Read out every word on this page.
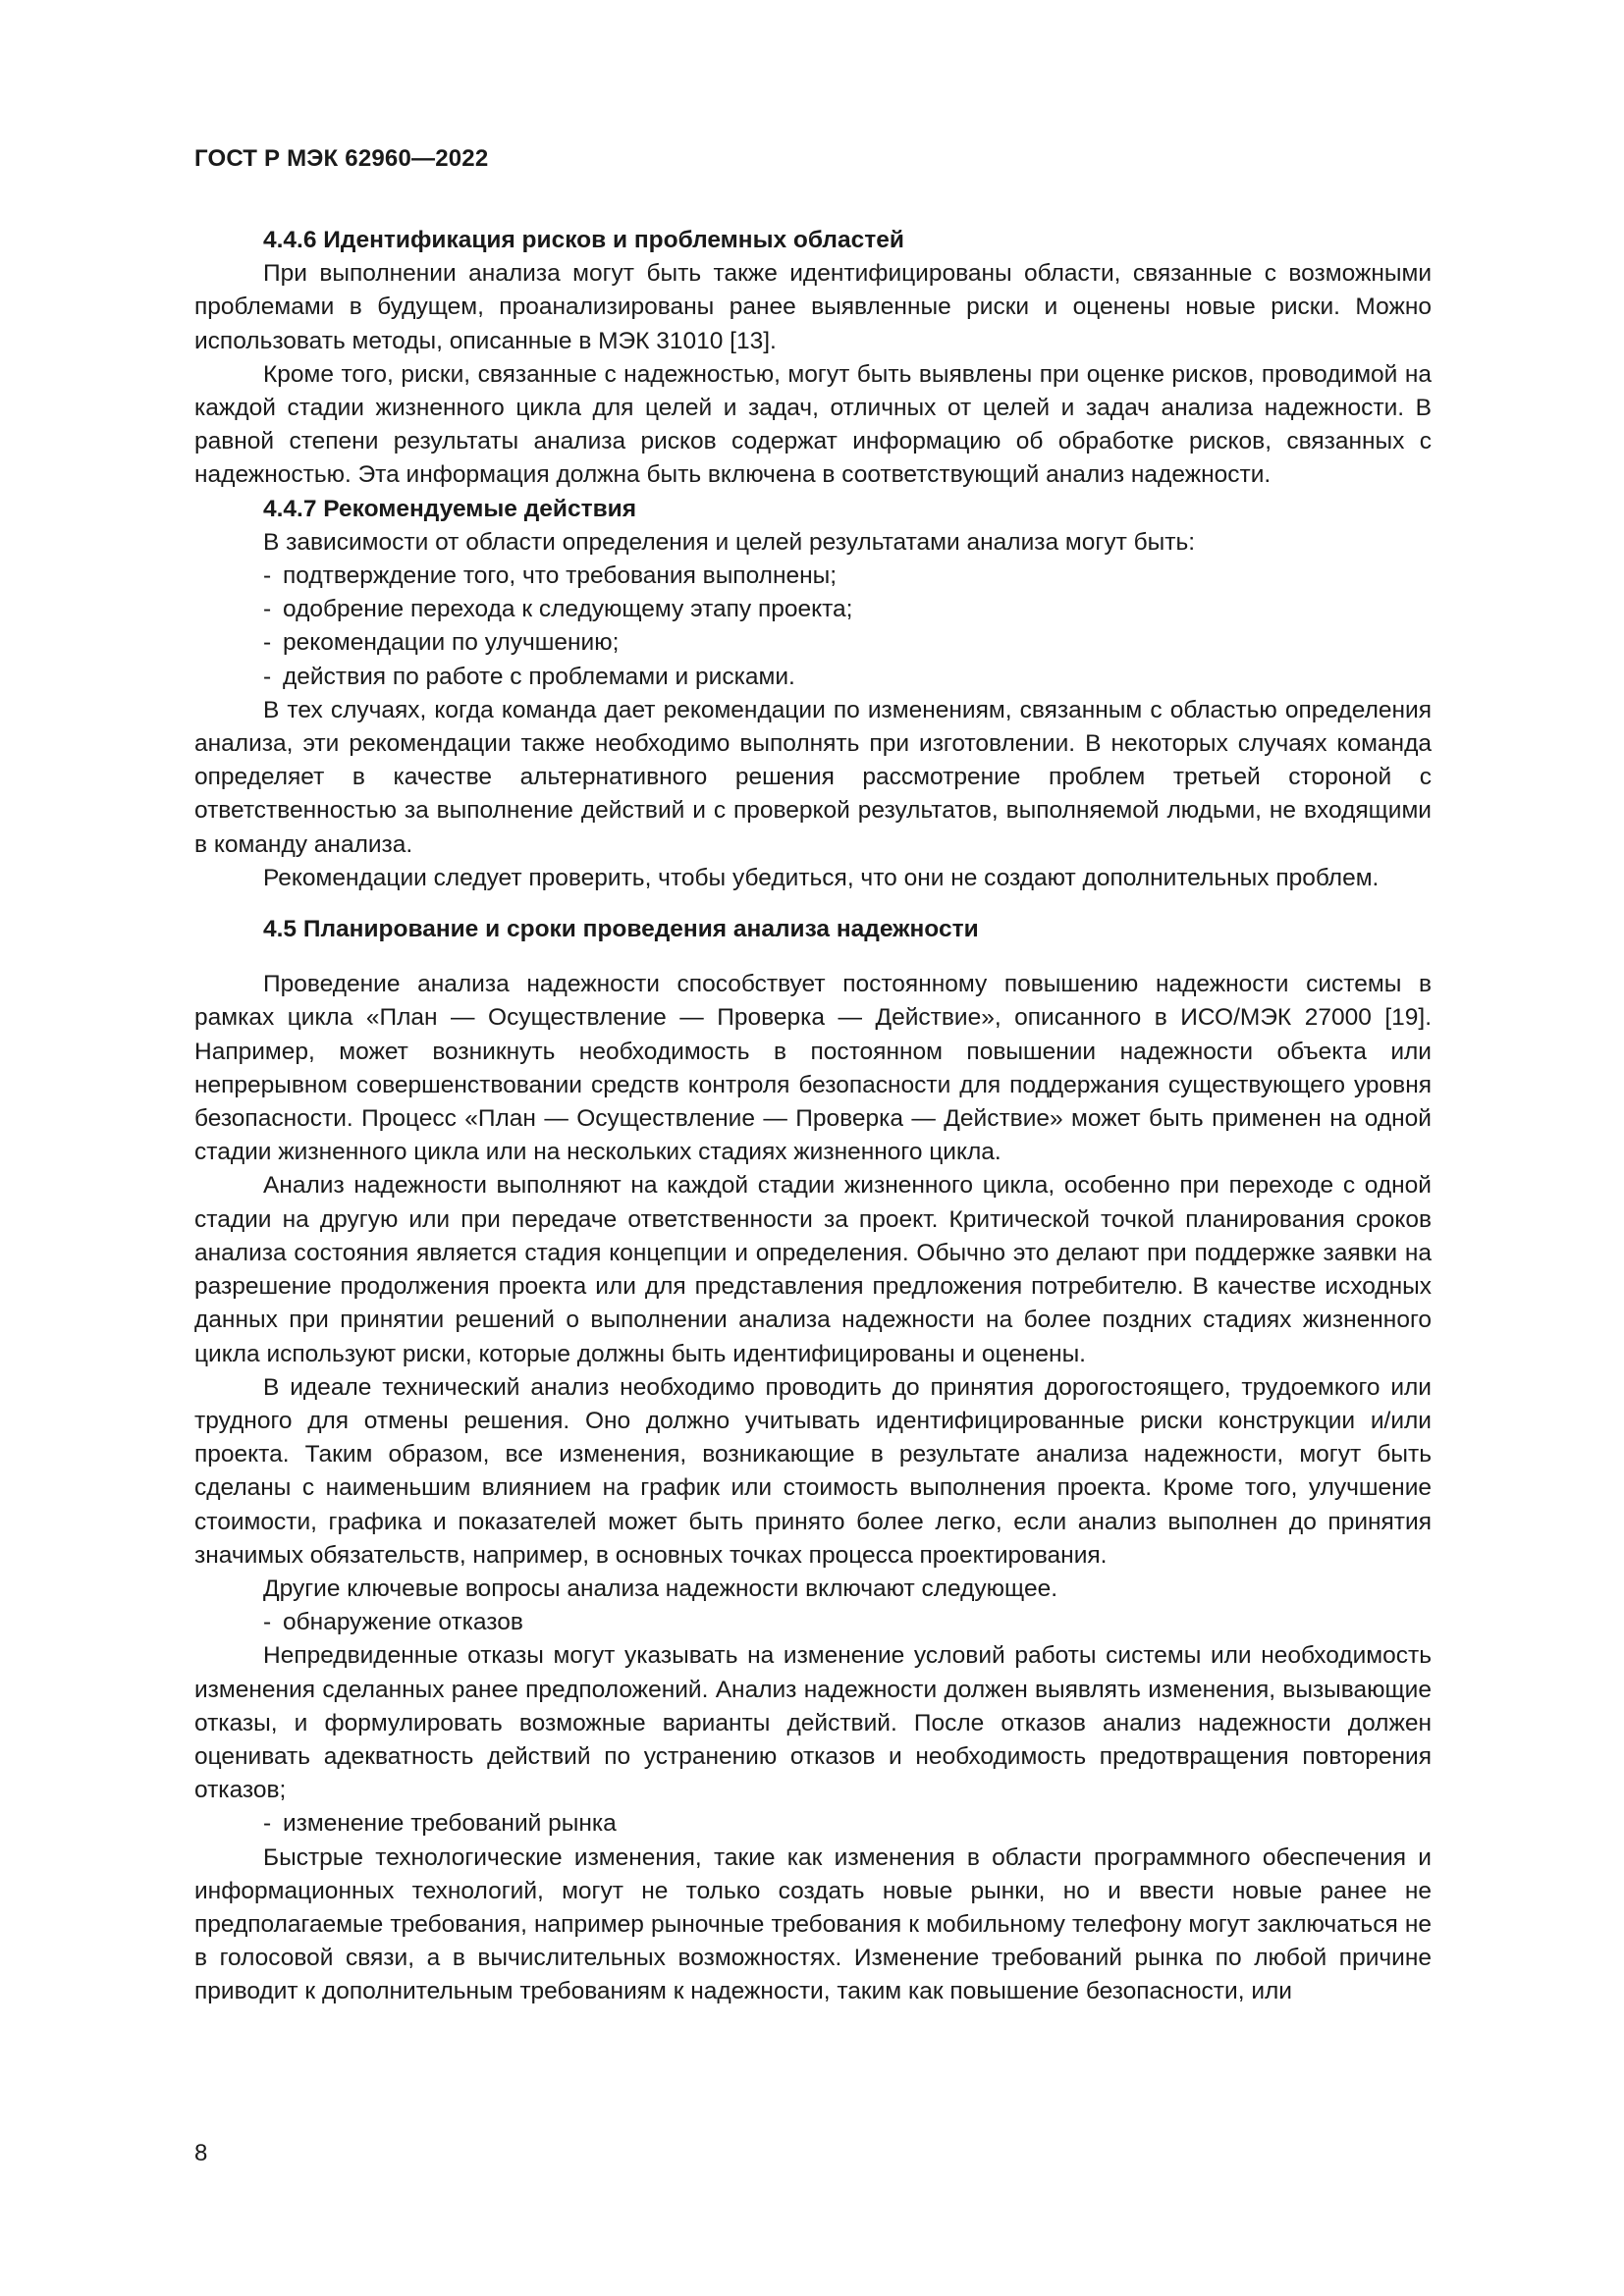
ГОСТ Р МЭК 62960—2022

4.4.6 Идентификация рисков и проблемных областей

При выполнении анализа могут быть также идентифицированы области, связанные с возможными проблемами в будущем, проанализированы ранее выявленные риски и оценены новые риски. Можно использовать методы, описанные в МЭК 31010 [13].

Кроме того, риски, связанные с надежностью, могут быть выявлены при оценке рисков, проводимой на каждой стадии жизненного цикла для целей и задач, отличных от целей и задач анализа надежности. В равной степени результаты анализа рисков содержат информацию об обработке рисков, связанных с надежностью. Эта информация должна быть включена в соответствующий анализ надежности.

4.4.7 Рекомендуемые действия

В зависимости от области определения и целей результатами анализа могут быть:

- подтверждение того, что требования выполнены;

- одобрение перехода к следующему этапу проекта;

- рекомендации по улучшению;

- действия по работе с проблемами и рисками.

В тех случаях, когда команда дает рекомендации по изменениям, связанным с областью определения анализа, эти рекомендации также необходимо выполнять при изготовлении. В некоторых случаях команда определяет в качестве альтернативного решения рассмотрение проблем третьей стороной с ответственностью за выполнение действий и с проверкой результатов, выполняемой людьми, не входящими в команду анализа.

Рекомендации следует проверить, чтобы убедиться, что они не создают дополнительных проблем.

4.5 Планирование и сроки проведения анализа надежности

Проведение анализа надежности способствует постоянному повышению надежности системы в рамках цикла «План — Осуществление — Проверка — Действие», описанного в ИСО/МЭК 27000 [19]. Например, может возникнуть необходимость в постоянном повышении надежности объекта или непрерывном совершенствовании средств контроля безопасности для поддержания существующего уровня безопасности. Процесс «План — Осуществление — Проверка — Действие» может быть применен на одной стадии жизненного цикла или на нескольких стадиях жизненного цикла.

Анализ надежности выполняют на каждой стадии жизненного цикла, особенно при переходе с одной стадии на другую или при передаче ответственности за проект. Критической точкой планирования сроков анализа состояния является стадия концепции и определения. Обычно это делают при поддержке заявки на разрешение продолжения проекта или для представления предложения потребителю. В качестве исходных данных при принятии решений о выполнении анализа надежности на более поздних стадиях жизненного цикла используют риски, которые должны быть идентифицированы и оценены.

В идеале технический анализ необходимо проводить до принятия дорогостоящего, трудоемкого или трудного для отмены решения. Оно должно учитывать идентифицированные риски конструкции и/или проекта. Таким образом, все изменения, возникающие в результате анализа надежности, могут быть сделаны с наименьшим влиянием на график или стоимость выполнения проекта. Кроме того, улучшение стоимости, графика и показателей может быть принято более легко, если анализ выполнен до принятия значимых обязательств, например, в основных точках процесса проектирования.

Другие ключевые вопросы анализа надежности включают следующее.

- обнаружение отказов

Непредвиденные отказы могут указывать на изменение условий работы системы или необходимость изменения сделанных ранее предположений. Анализ надежности должен выявлять изменения, вызывающие отказы, и формулировать возможные варианты действий. После отказов анализ надежности должен оценивать адекватность действий по устранению отказов и необходимость предотвращения повторения отказов;

- изменение требований рынка

Быстрые технологические изменения, такие как изменения в области программного обеспечения и информационных технологий, могут не только создать новые рынки, но и ввести новые ранее не предполагаемые требования, например рыночные требования к мобильному телефону могут заключаться не в голосовой связи, а в вычислительных возможностях. Изменение требований рынка по любой причине приводит к дополнительным требованиям к надежности, таким как повышение безопасности, или

8
